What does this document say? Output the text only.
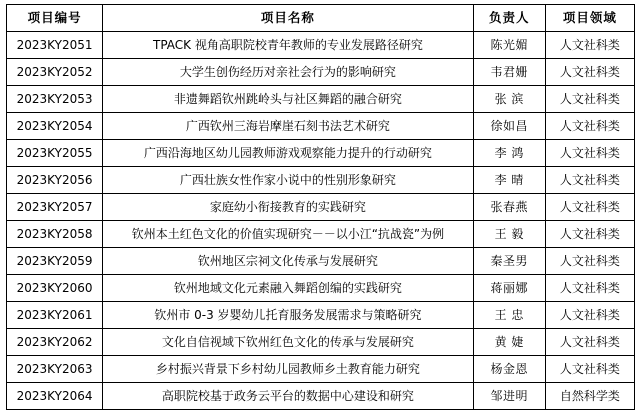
项目编号	项目名称	负责人	项目领域
2023KY2051	TPACK 视角高职院校青年教师的专业发展路径研究	陈光媚	人文社科类
2023KY2052	大学生创伤经历对亲社会行为的影响研究	韦君姗	人文社科类
2023KY2053	非遗舞蹈钦州跳岭头与社区舞蹈的融合研究	张 滨	人文社科类
2023KY2054	广西钦州三海岩摩崖石刻书法艺术研究	徐如昌	人文社科类
2023KY2055	广西沿海地区幼儿园教师游戏观察能力提升的行动研究	李 鸿	人文社科类
2023KY2056	广西壮族女性作家小说中的性别形象研究	李 晴	人文社科类
2023KY2057	家庭幼小衔接教育的实践研究	张春燕	人文社科类
2023KY2058	钦州本土红色文化的价值实现研究－－以小江“抗战瓷”为例	王 毅	人文社科类
2023KY2059	钦州地区宗祠文化传承与发展研究	秦圣男	人文社科类
2023KY2060	钦州地域文化元素融入舞蹈创编的实践研究	蒋丽娜	人文社科类
2023KY2061	钦州市 0-3 岁婴幼儿托育服务发展需求与策略研究	王 忠	人文社科类
2023KY2062	文化自信视域下钦州红色文化的传承与发展研究	黄 婕	人文社科类
2023KY2063	乡村振兴背景下乡村幼儿园教师乡土教育能力研究	杨金恩	人文社科类
2023KY2064	高职院校基于政务云平台的数据中心建设和研究	邹进明	自然科学类
